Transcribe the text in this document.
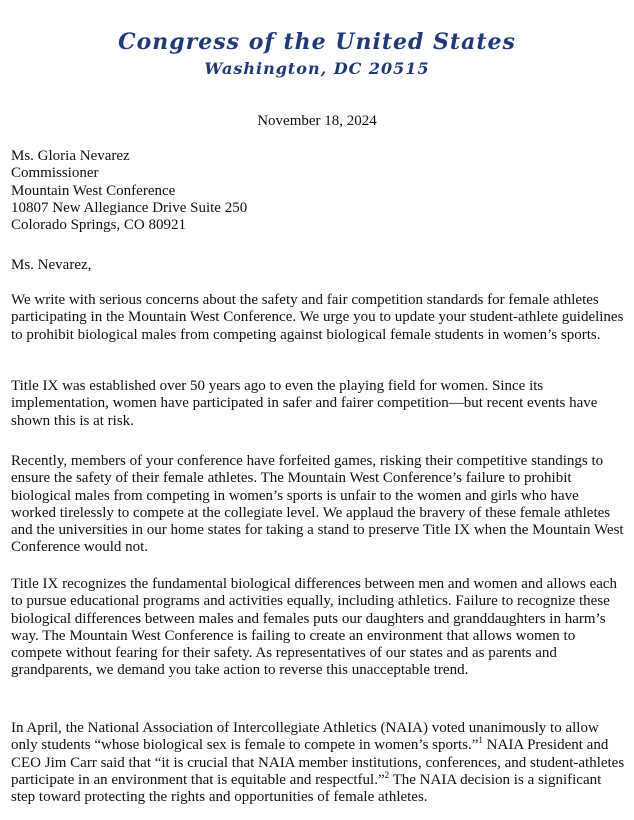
Congress of the United States
Washington, DC 20515
November 18, 2024
Ms. Gloria Nevarez
Commissioner
Mountain West Conference
10807 New Allegiance Drive Suite 250
Colorado Springs, CO 80921
Ms. Nevarez,
We write with serious concerns about the safety and fair competition standards for female athletes participating in the Mountain West Conference. We urge you to update your student-athlete guidelines to prohibit biological males from competing against biological female students in women’s sports.
Title IX was established over 50 years ago to even the playing field for women. Since its implementation, women have participated in safer and fairer competition—but recent events have shown this is at risk.
Recently, members of your conference have forfeited games, risking their competitive standings to ensure the safety of their female athletes. The Mountain West Conference’s failure to prohibit biological males from competing in women’s sports is unfair to the women and girls who have worked tirelessly to compete at the collegiate level. We applaud the bravery of these female athletes and the universities in our home states for taking a stand to preserve Title IX when the Mountain West Conference would not.
Title IX recognizes the fundamental biological differences between men and women and allows each to pursue educational programs and activities equally, including athletics. Failure to recognize these biological differences between males and females puts our daughters and granddaughters in harm’s way. The Mountain West Conference is failing to create an environment that allows women to compete without fearing for their safety. As representatives of our states and as parents and grandparents, we demand you take action to reverse this unacceptable trend.
In April, the National Association of Intercollegiate Athletics (NAIA) voted unanimously to allow only students “whose biological sex is female to compete in women’s sports.”$^1$ NAIA President and CEO Jim Carr said that “it is crucial that NAIA member institutions, conferences, and student-athletes participate in an environment that is equitable and respectful.”$^2$ The NAIA decision is a significant step toward protecting the rights and opportunities of female athletes.
